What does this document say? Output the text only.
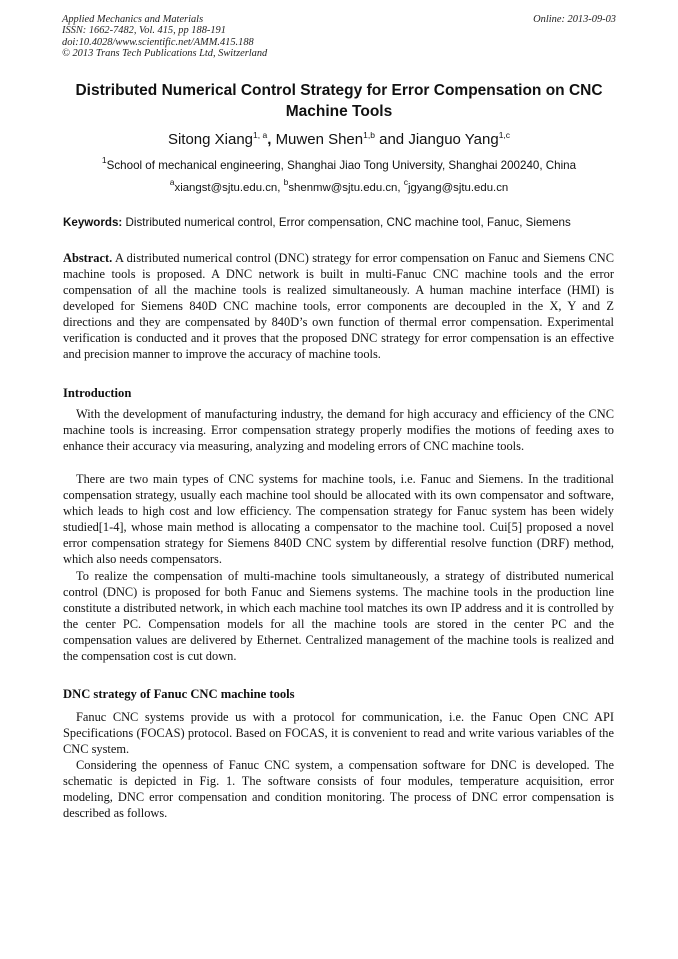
Applied Mechanics and Materials
ISSN: 1662-7482, Vol. 415, pp 188-191
doi:10.4028/www.scientific.net/AMM.415.188
© 2013 Trans Tech Publications Ltd, Switzerland
Online: 2013-09-03
Distributed Numerical Control Strategy for Error Compensation on CNC Machine Tools
Sitong Xiang$^{1, a}$, Muwen Shen$^{1,b}$ and Jianguo Yang$^{1,c}$
$^1$School of mechanical engineering, Shanghai Jiao Tong University, Shanghai 200240, China
$^a$xiangst@sjtu.edu.cn, $^b$shenmw@sjtu.edu.cn, $^c$jgyang@sjtu.edu.cn
Keywords: Distributed numerical control, Error compensation, CNC machine tool, Fanuc, Siemens

Abstract. A distributed numerical control (DNC) strategy for error compensation on Fanuc and Siemens CNC machine tools is proposed. A DNC network is built in multi-Fanuc CNC machine tools and the error compensation of all the machine tools is realized simultaneously. A human machine interface (HMI) is developed for Siemens 840D CNC machine tools, error components are decoupled in the X, Y and Z directions and they are compensated by 840D’s own function of thermal error compensation. Experimental verification is conducted and it proves that the proposed DNC strategy for error compensation is an effective and precision manner to improve the accuracy of machine tools.

Introduction

With the development of manufacturing industry, the demand for high accuracy and efficiency of the CNC machine tools is increasing. Error compensation strategy properly modifies the motions of feeding axes to enhance their accuracy via measuring, analyzing and modeling errors of CNC machine tools.

There are two main types of CNC systems for machine tools, i.e. Fanuc and Siemens. In the traditional compensation strategy, usually each machine tool should be allocated with its own compensator and software, which leads to high cost and low efficiency. The compensation strategy for Fanuc system has been widely studied[1-4], whose main method is allocating a compensator to the machine tool. Cui[5] proposed a novel error compensation strategy for Siemens 840D CNC system by differential resolve function (DRF) method, which also needs compensators.

To realize the compensation of multi-machine tools simultaneously, a strategy of distributed numerical control (DNC) is proposed for both Fanuc and Siemens systems. The machine tools in the production line constitute a distributed network, in which each machine tool matches its own IP address and it is controlled by the center PC. Compensation models for all the machine tools are stored in the center PC and the compensation values are delivered by Ethernet. Centralized management of the machine tools is realized and the compensation cost is cut down.

DNC strategy of Fanuc CNC machine tools

Fanuc CNC systems provide us with a protocol for communication, i.e. the Fanuc Open CNC API Specifications (FOCAS) protocol. Based on FOCAS, it is convenient to read and write various variables of the CNC system.

Considering the openness of Fanuc CNC system, a compensation software for DNC is developed. The schematic is depicted in Fig. 1. The software consists of four modules, temperature acquisition, error modeling, DNC error compensation and condition monitoring. The process of DNC error compensation is described as follows.
